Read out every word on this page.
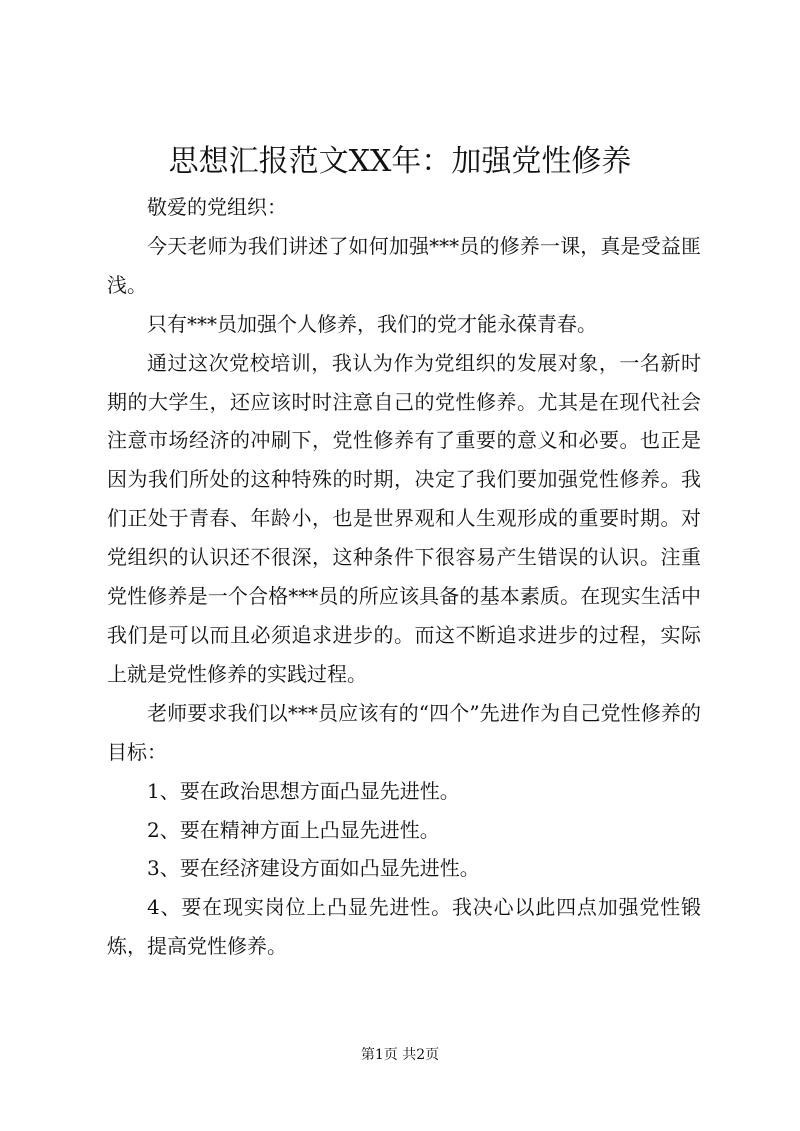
思想汇报范文XX年：加强党性修养

敬爱的党组织：

今天老师为我们讲述了如何加强***员的修养一课，真是受益匪浅。

只有***员加强个人修养，我们的党才能永葆青春。

通过这次党校培训，我认为作为党组织的发展对象，一名新时期的大学生，还应该时时注意自己的党性修养。尤其是在现代社会注意市场经济的冲刷下，党性修养有了重要的意义和必要。也正是因为我们所处的这种特殊的时期，决定了我们要加强党性修养。我们正处于青春、年龄小，也是世界观和人生观形成的重要时期。对党组织的认识还不很深，这种条件下很容易产生错误的认识。注重党性修养是一个合格***员的所应该具备的基本素质。在现实生活中我们是可以而且必须追求进步的。而这不断追求进步的过程，实际上就是党性修养的实践过程。

老师要求我们以***员应该有的“四个”先进作为自己党性修养的目标：

1、要在政治思想方面凸显先进性。

2、要在精神方面上凸显先进性。

3、要在经济建设方面如凸显先进性。

4、要在现实岗位上凸显先进性。我决心以此四点加强党性锻炼，提高党性修养。

第1页 共2页
